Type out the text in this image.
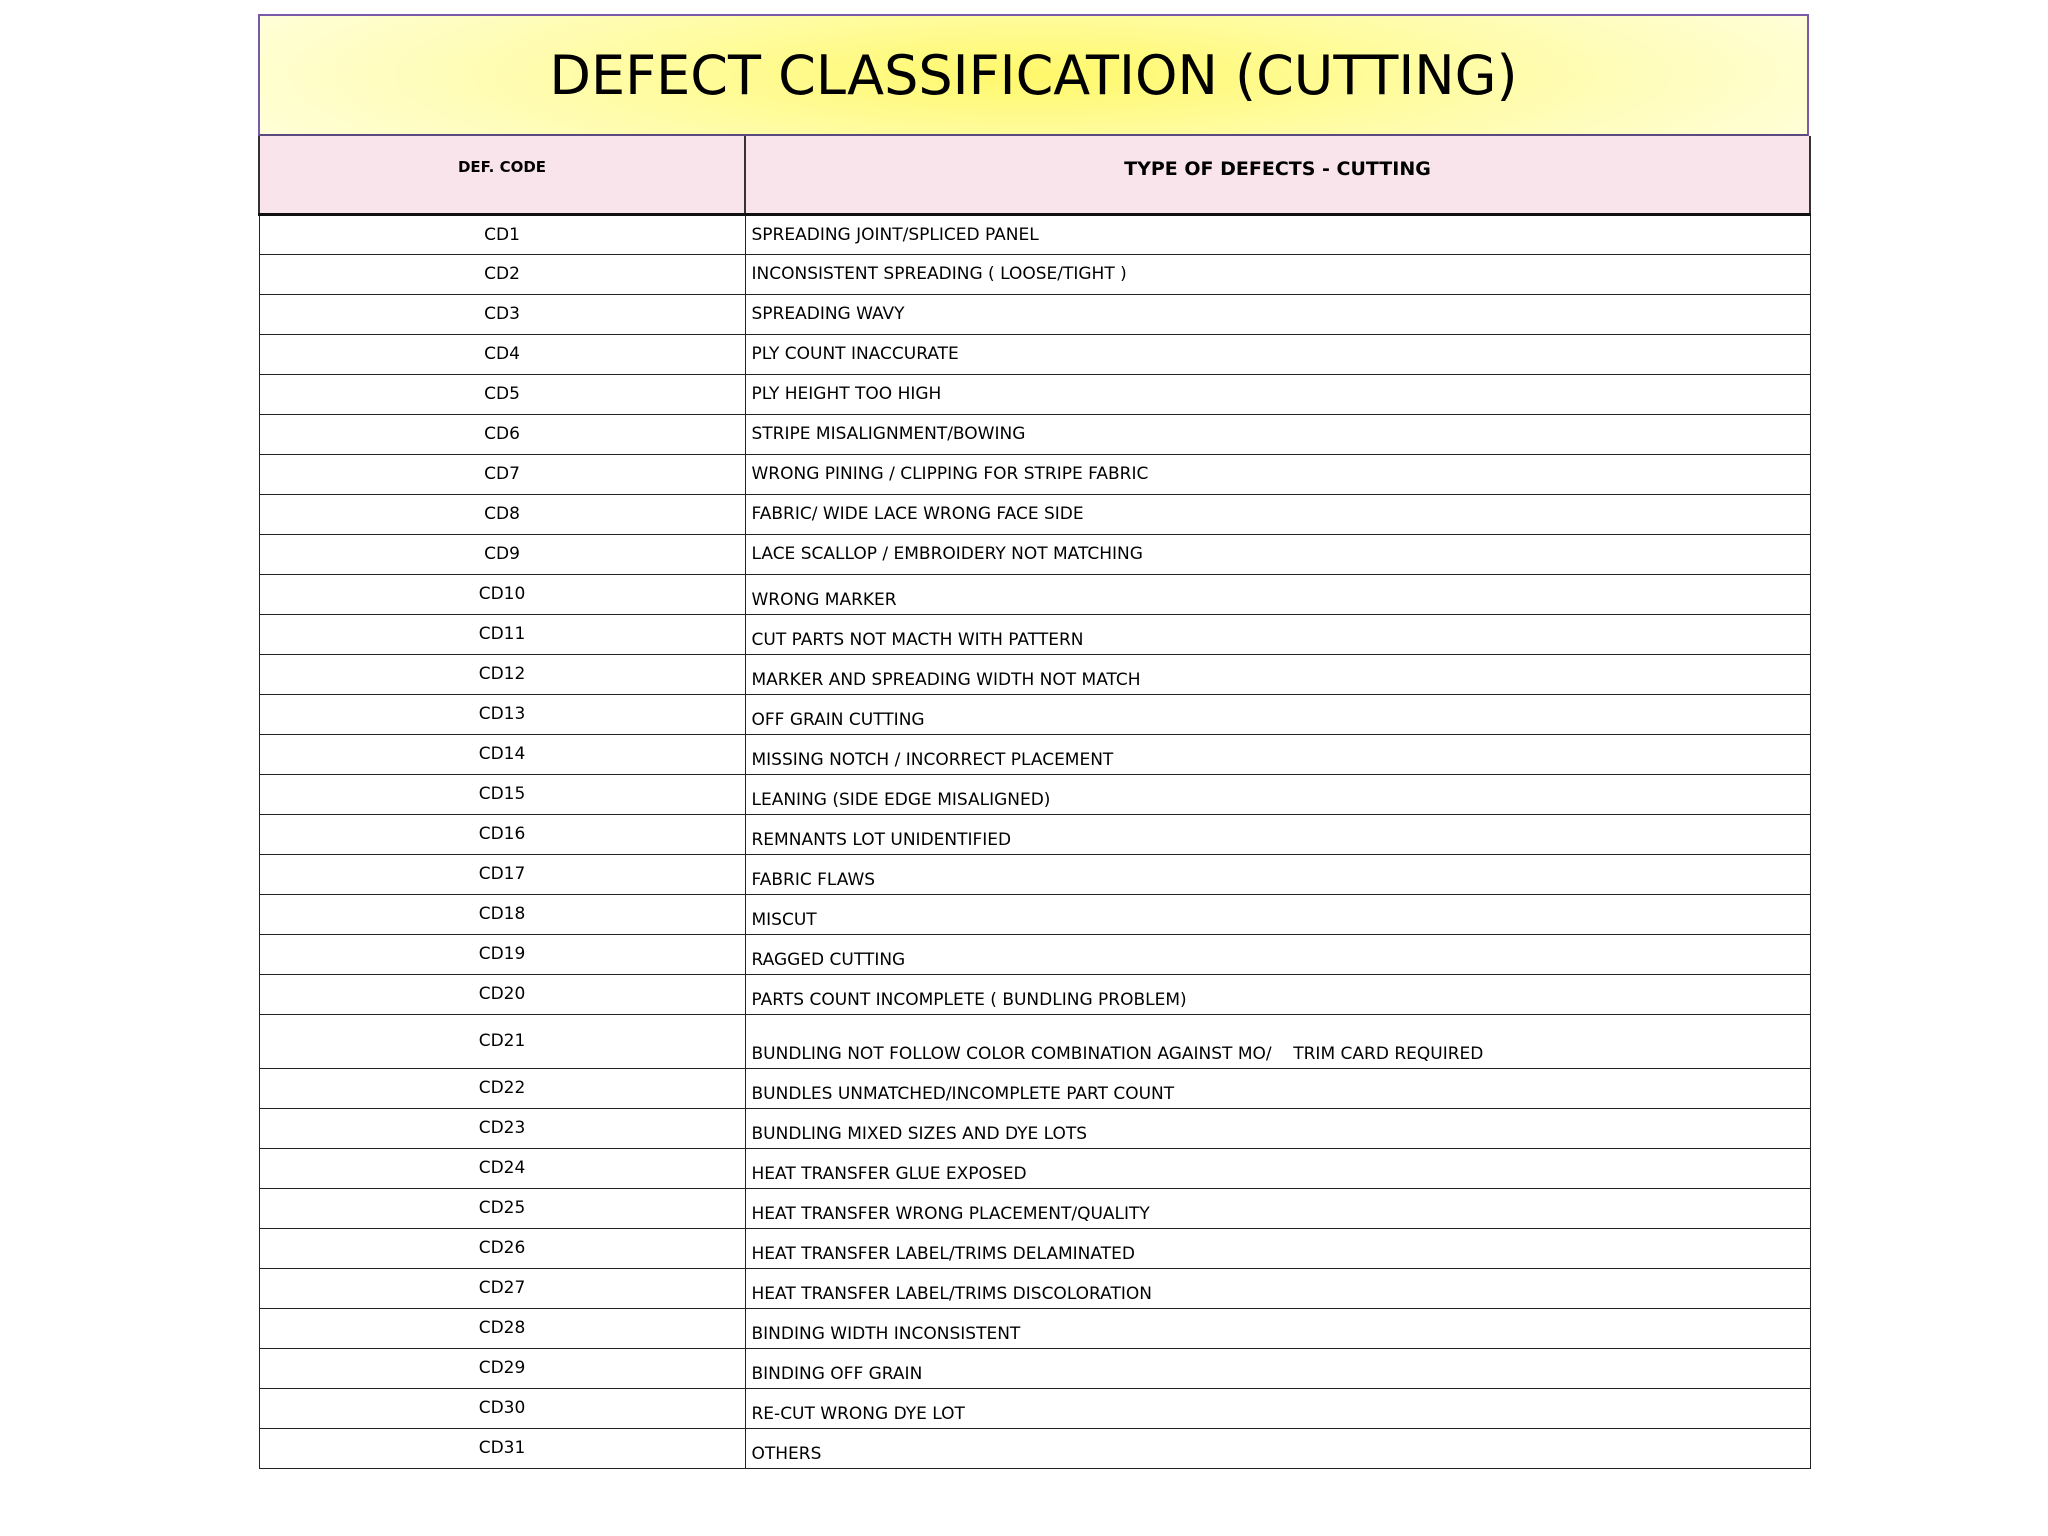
DEFECT CLASSIFICATION (CUTTING)
DEF. CODE	TYPE OF DEFECTS - CUTTING
CD1	SPREADING JOINT/SPLICED PANEL
CD2	INCONSISTENT SPREADING ( LOOSE/TIGHT )
CD3	SPREADING WAVY
CD4	PLY COUNT INACCURATE
CD5	PLY HEIGHT TOO HIGH
CD6	STRIPE MISALIGNMENT/BOWING
CD7	WRONG PINING / CLIPPING FOR STRIPE FABRIC
CD8	FABRIC/ WIDE LACE WRONG FACE SIDE
CD9	LACE SCALLOP / EMBROIDERY NOT MATCHING
CD10	WRONG MARKER
CD11	CUT PARTS NOT MACTH WITH PATTERN
CD12	MARKER AND SPREADING WIDTH NOT MATCH
CD13	OFF GRAIN CUTTING
CD14	MISSING NOTCH / INCORRECT PLACEMENT
CD15	LEANING (SIDE EDGE MISALIGNED)
CD16	REMNANTS LOT UNIDENTIFIED
CD17	FABRIC FLAWS
CD18	MISCUT
CD19	RAGGED CUTTING
CD20	PARTS COUNT INCOMPLETE ( BUNDLING PROBLEM)
CD21	BUNDLING NOT FOLLOW COLOR COMBINATION AGAINST MO/    TRIM CARD REQUIRED
CD22	BUNDLES UNMATCHED/INCOMPLETE PART COUNT
CD23	BUNDLING MIXED SIZES AND DYE LOTS
CD24	HEAT TRANSFER GLUE EXPOSED
CD25	HEAT TRANSFER WRONG PLACEMENT/QUALITY
CD26	HEAT TRANSFER LABEL/TRIMS DELAMINATED
CD27	HEAT TRANSFER LABEL/TRIMS DISCOLORATION
CD28	BINDING WIDTH INCONSISTENT
CD29	BINDING OFF GRAIN
CD30	RE-CUT WRONG DYE LOT
CD31	OTHERS
